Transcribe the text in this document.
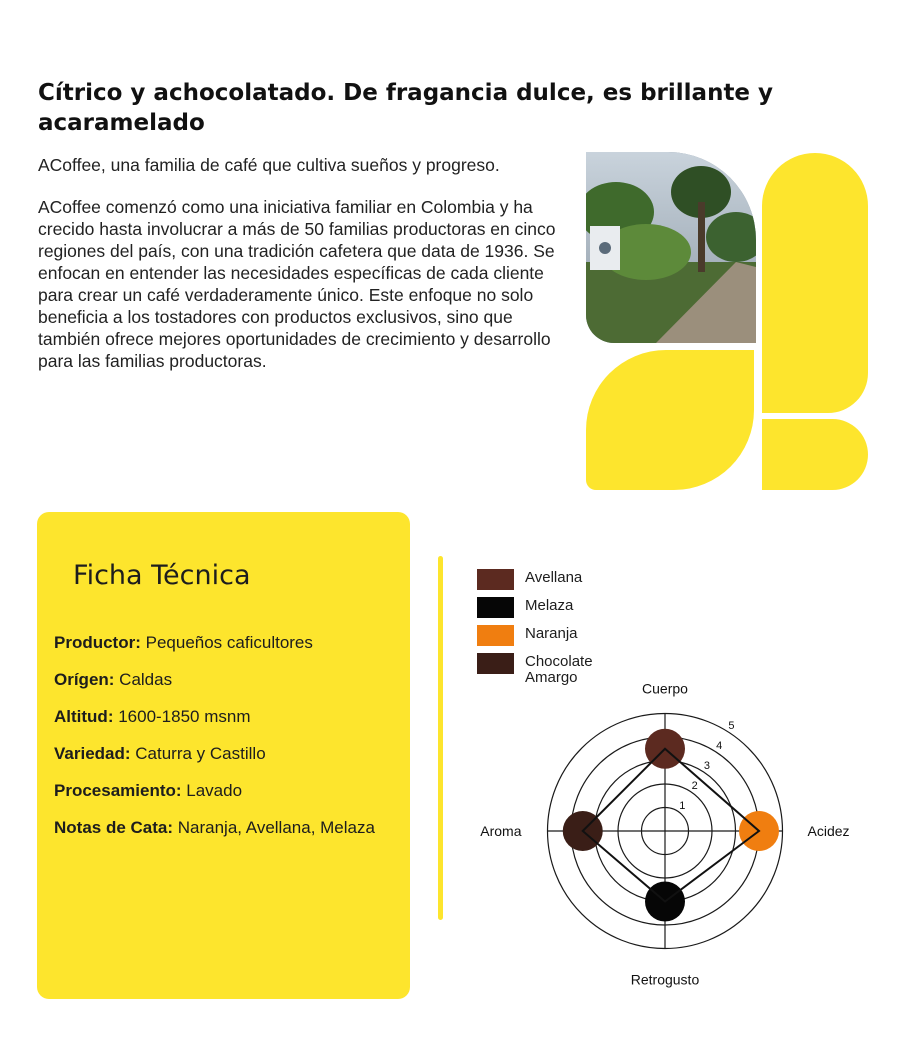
Cítrico y achocolatado. De fragancia dulce, es brillante y acaramelado

ACoffee, una familia de café que cultiva sueños y progreso.

ACoffee comenzó como una iniciativa familiar en Colombia y ha crecido hasta involucrar a más de 50 familias productoras en cinco regiones del país, con una tradición cafetera que data de 1936. Se enfocan en entender las necesidades específicas de cada cliente para crear un café verdaderamente único. Este enfoque no solo beneficia a los tostadores con productos exclusivos, sino que también ofrece mejores oportunidades de crecimiento y desarrollo para las familias productoras.

Ficha Técnica
Productor: Pequeños caficultores
Orígen: Caldas
Altitud: 1600-1850 msnm
Variedad: Caturra y Castillo
Procesamiento: Lavado
Notas de Cata: Naranja, Avellana, Melaza
Avellana
Melaza
Naranja
Chocolate
Amargo
1
2
3
4
5
Cuerpo
Acidez
Retrogusto
Aroma
